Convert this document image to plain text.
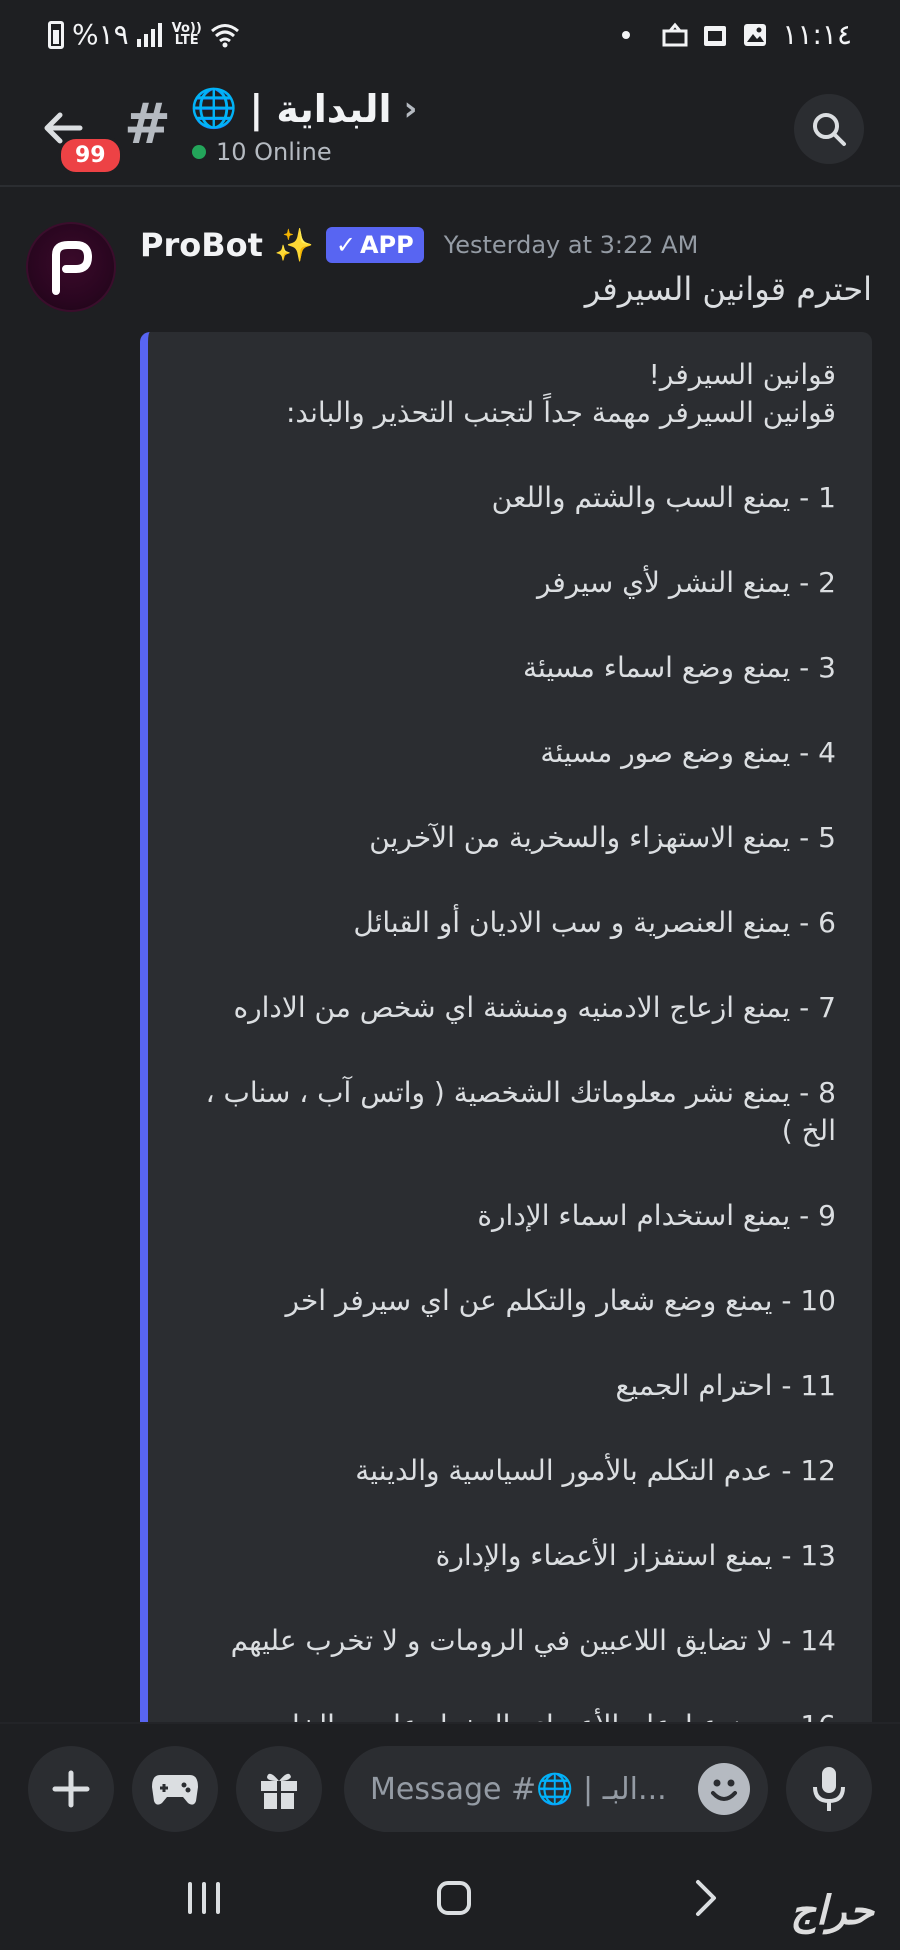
%١٩	Vo)) LTE	١١:١٤
99 # 🌐 البداية | ›
10 Online
ProBot ✨ ✓ APP Yesterday at 3:22 AM
احترم قوانين السيرفر
قوانين السيرفر!
قوانين السيرفر مهمة جداً لتجنب التحذير والباند:
1 - يمنع السب والشتم واللعن
2 - يمنع النشر لأي سيرفر
3 - يمنع وضع اسماء مسيئة
4 - يمنع وضع صور مسيئة
5 - يمنع الاستهزاء والسخرية من الآخرين
6 - يمنع العنصرية و سب الاديان أو القبائل
7 - يمنع ازعاج الادمنيه ومنشنة اي شخص من الاداره
8 - يمنع نشر معلوماتك الشخصية ( واتس آب ، سناب ، الخ )
9 - يمنع استخدام اسماء الإدارة
10 - يمنع وضع شعار والتكلم عن اي سيرفر اخر
11 - احترام الجميع
12 - عدم التكلم بالأمور السياسية والدينية
13 - يمنع استفزاز الأعضاء والإدارة
14 - لا تضايق اللاعبين في الرومات و لا تخرب عليهم
Message #🌐 | البـ...
حراج
